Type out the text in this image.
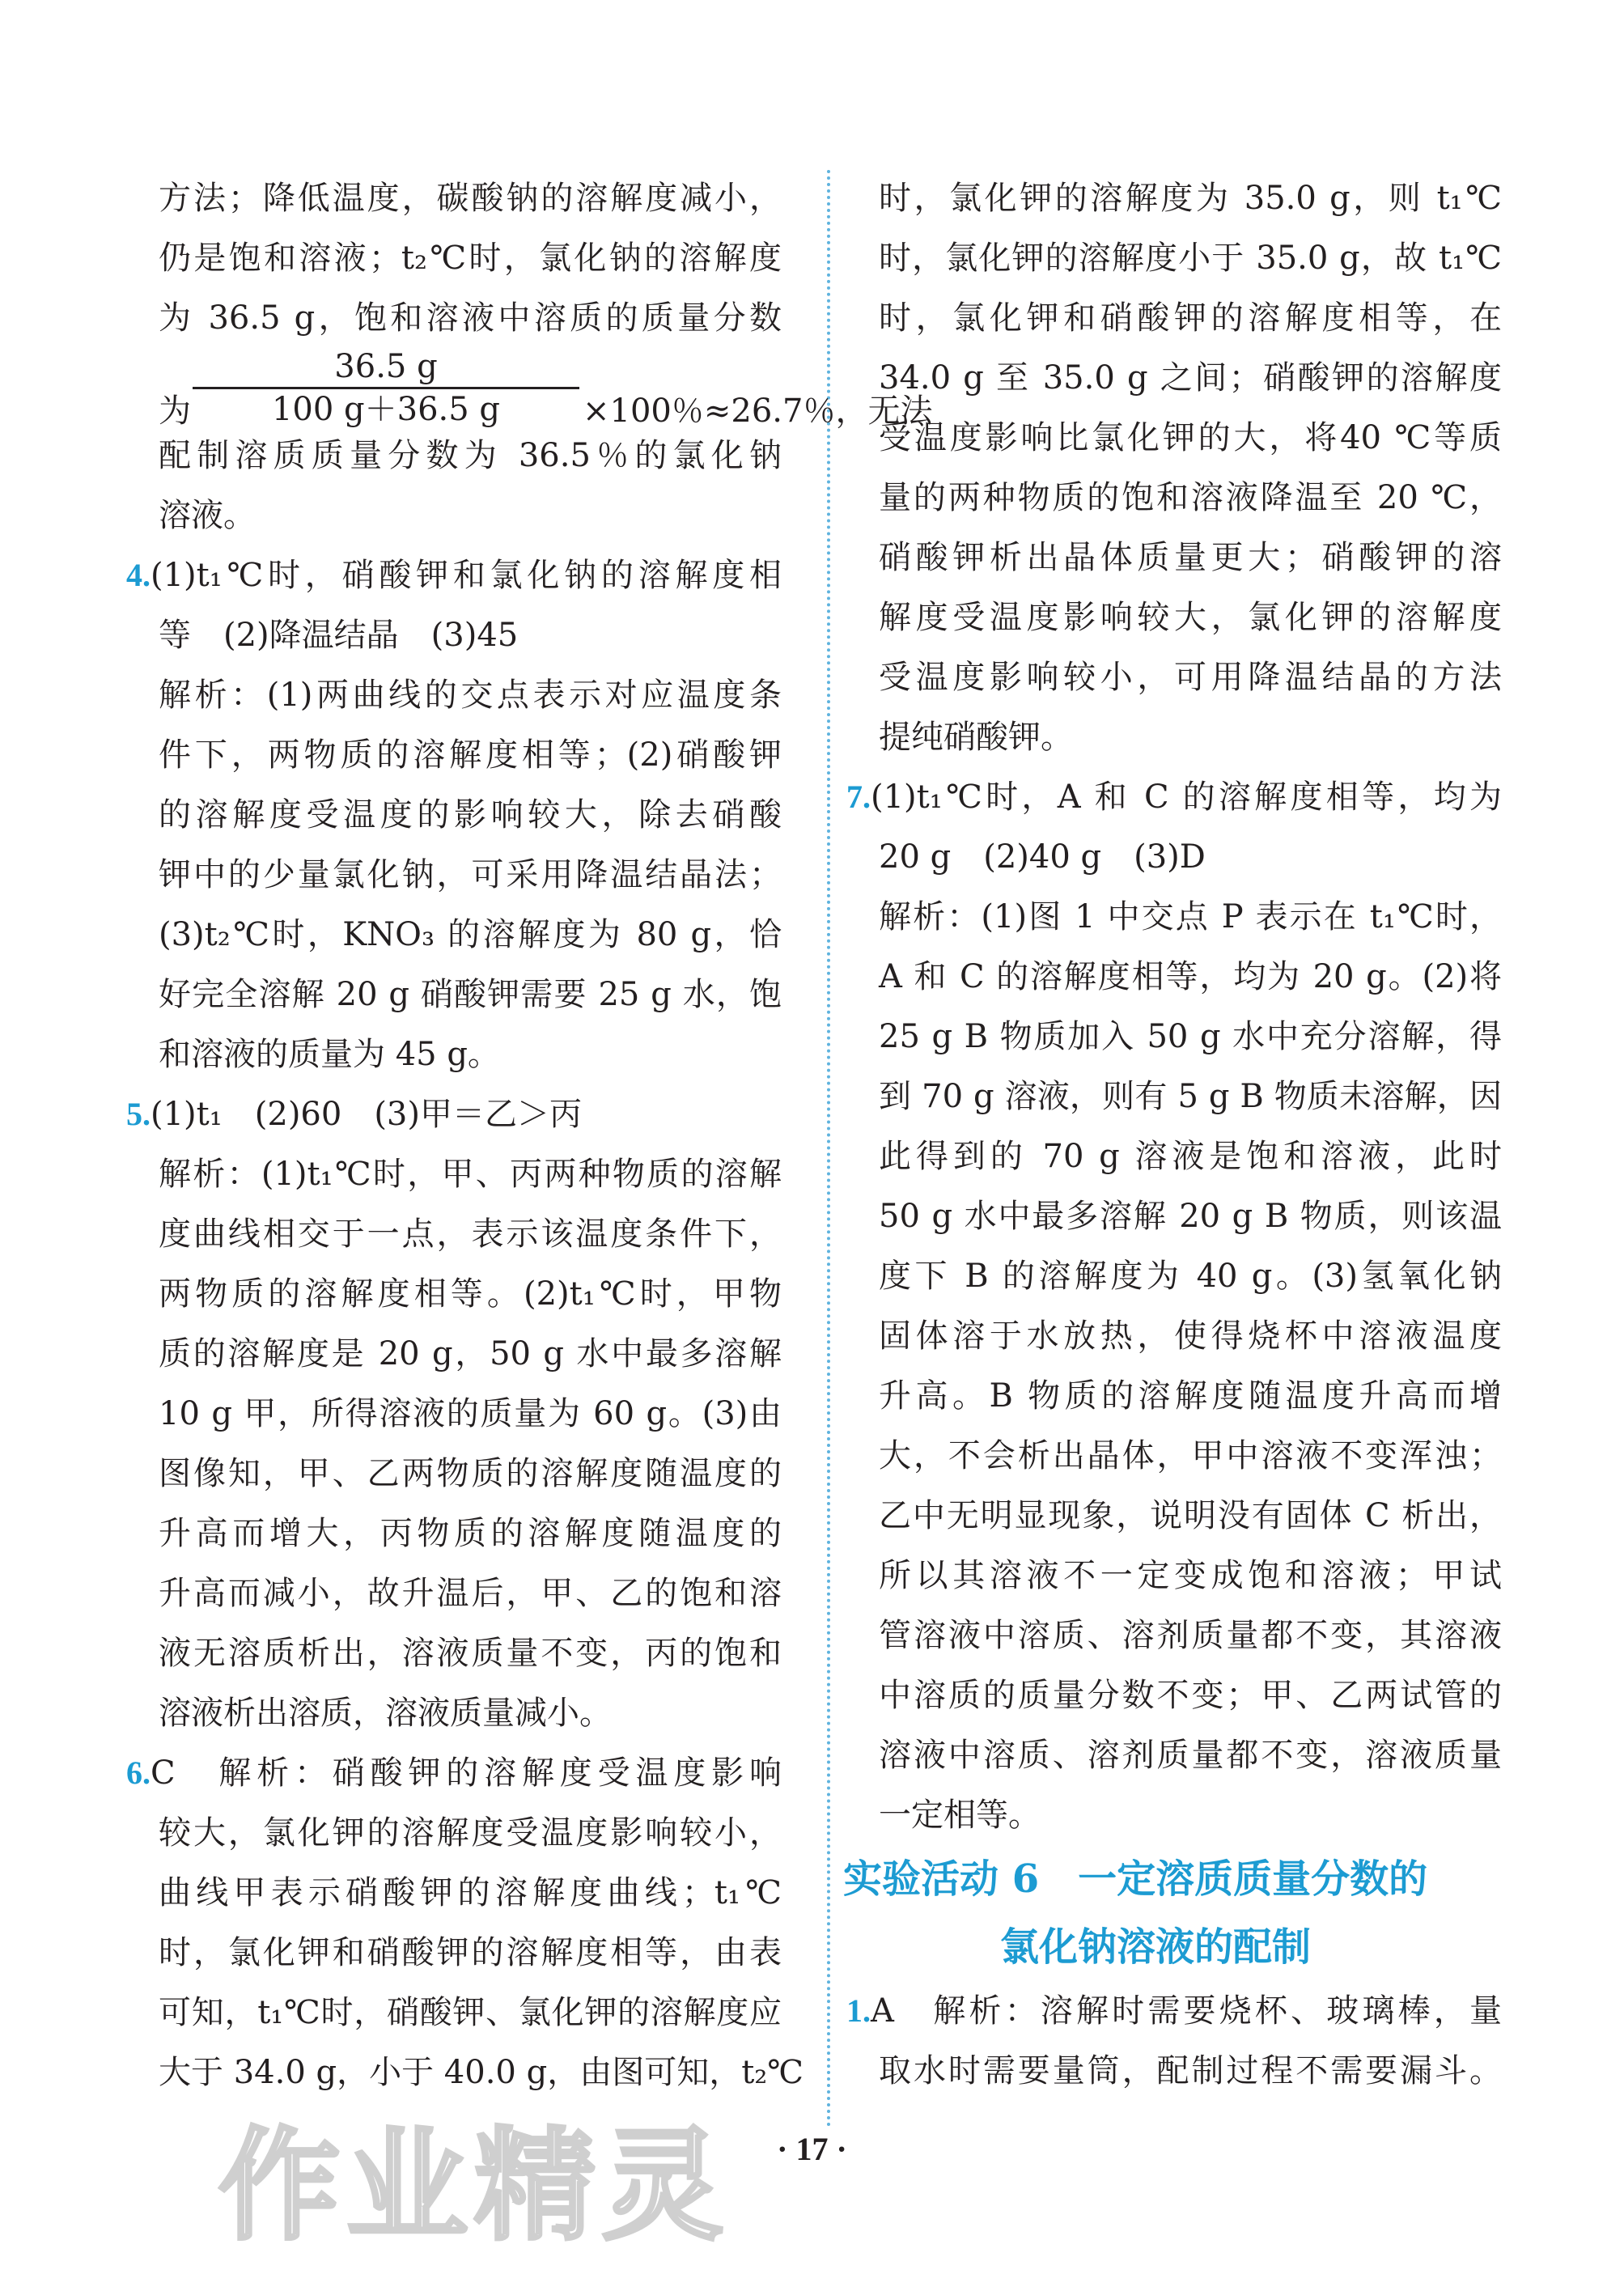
方法；降低温度，碳酸钠的溶解度减小，
仍是饱和溶液；t₂℃时，氯化钠的溶解度
为 36.5 g，饱和溶液中溶质的质量分数
为
36.5 g
100 g＋36.5 g	×100％≈26.7％，无法
配制溶质质量分数为 36.5％的氯化钠
溶液。
4.(1)t₁℃时，硝酸钾和氯化钠的溶解度相
等　(2)降温结晶　(3)45
解析：(1)两曲线的交点表示对应温度条
件下，两物质的溶解度相等；(2)硝酸钾
的溶解度受温度的影响较大，除去硝酸
钾中的少量氯化钠，可采用降温结晶法；
(3)t₂℃时，KNO₃ 的溶解度为 80 g，恰
好完全溶解 20 g 硝酸钾需要 25 g 水，饱
和溶液的质量为 45 g。
5.(1)t₁　(2)60　(3)甲＝乙＞丙
解析：(1)t₁℃时，甲、丙两种物质的溶解
度曲线相交于一点，表示该温度条件下，
两物质的溶解度相等。(2)t₁℃时，甲物
质的溶解度是 20 g，50 g 水中最多溶解
10 g 甲，所得溶液的质量为 60 g。(3)由
图像知，甲、乙两物质的溶解度随温度的
升高而增大，丙物质的溶解度随温度的
升高而减小，故升温后，甲、乙的饱和溶
液无溶质析出，溶液质量不变，丙的饱和
溶液析出溶质，溶液质量减小。
6.C　解析：硝酸钾的溶解度受温度影响
较大，氯化钾的溶解度受温度影响较小，
曲线甲表示硝酸钾的溶解度曲线；t₁℃
时，氯化钾和硝酸钾的溶解度相等，由表
可知，t₁℃时，硝酸钾、氯化钾的溶解度应
大于 34.0 g，小于 40.0 g，由图可知，t₂℃
时，氯化钾的溶解度为 35.0 g，则 t₁℃
时，氯化钾的溶解度小于 35.0 g，故 t₁℃
时，氯化钾和硝酸钾的溶解度相等，在
34.0 g 至 35.0 g 之间；硝酸钾的溶解度
受温度影响比氯化钾的大，将40 ℃等质
量的两种物质的饱和溶液降温至 20 ℃，
硝酸钾析出晶体质量更大；硝酸钾的溶
解度受温度影响较大，氯化钾的溶解度
受温度影响较小，可用降温结晶的方法
提纯硝酸钾。
7.(1)t₁℃时，A 和 C 的溶解度相等，均为
20 g　(2)40 g　(3)D
解析：(1)图 1 中交点 P 表示在 t₁℃时，
A 和 C 的溶解度相等，均为 20 g。(2)将
25 g B 物质加入 50 g 水中充分溶解，得
到 70 g 溶液，则有 5 g B 物质未溶解，因
此得到的 70 g 溶液是饱和溶液，此时
50 g 水中最多溶解 20 g B 物质，则该温
度下 B 的溶解度为 40 g。(3)氢氧化钠
固体溶于水放热，使得烧杯中溶液温度
升高。B 物质的溶解度随温度升高而增
大，不会析出晶体，甲中溶液不变浑浊；
乙中无明显现象，说明没有固体 C 析出，
所以其溶液不一定变成饱和溶液；甲试
管溶液中溶质、溶剂质量都不变，其溶液
中溶质的质量分数不变；甲、乙两试管的
溶液中溶质、溶剂质量都不变，溶液质量
一定相等。
实验活动 6　一定溶质质量分数的
氯化钠溶液的配制
1.A　解析：溶解时需要烧杯、玻璃棒，量
取水时需要量筒，配制过程不需要漏斗。
· 17 ·
作业精灵
